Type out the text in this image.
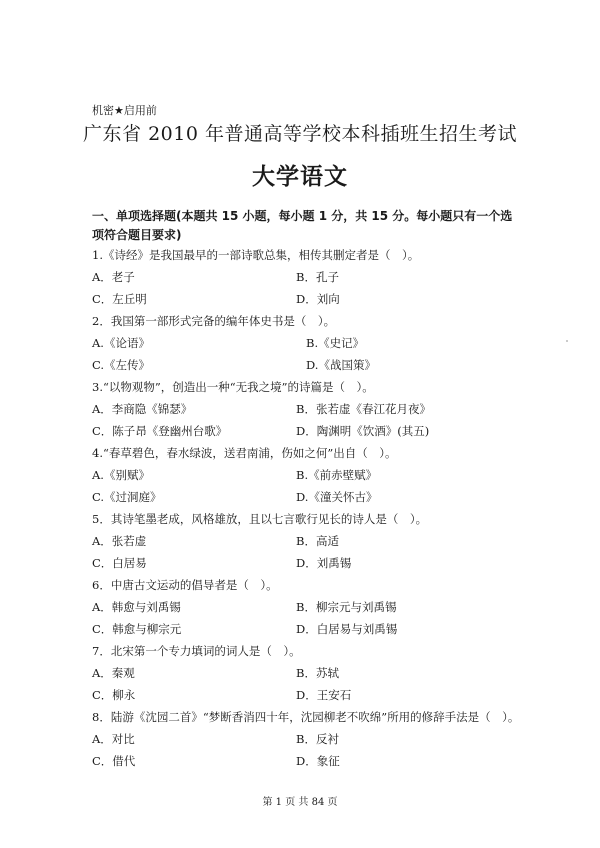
机密★启用前
广东省 2010 年普通高等学校本科插班生招生考试
大学语文
一、单项选择题(本题共 15 小题，每小题 1 分，共 15 分。每小题只有一个选项符合题目要求)
1.《诗经》是我国最早的一部诗歌总集，相传其删定者是（　）。
A．老子	B．孔子
C．左丘明	D．刘向
2．我国第一部形式完备的编年体史书是（　）。
A.《论语》	B.《史记》
C.《左传》	D.《战国策》
3.“以物观物”，创造出一种“无我之境”的诗篇是（　）。
A．李商隐《锦瑟》	B．张若虚《春江花月夜》
C．陈子昂《登幽州台歌》	D．陶渊明《饮酒》(其五)
4.“春草碧色，春水绿波，送君南浦，伤如之何”出自（　）。
A.《别赋》	B.《前赤壁赋》
C.《过洞庭》	D.《潼关怀古》
5．其诗笔墨老成，风格雄放，且以七言歌行见长的诗人是（　）。
A．张若虚	B．高适
C．白居易	D．刘禹锡
6．中唐古文运动的倡导者是（　）。
A．韩愈与刘禹锡	B．柳宗元与刘禹锡
C．韩愈与柳宗元	D．白居易与刘禹锡
7．北宋第一个专力填词的词人是（　）。
A．秦观	B．苏轼
C．柳永	D．王安石
8．陆游《沈园二首》“梦断香消四十年，沈园柳老不吹绵”所用的修辞手法是（　）。
A．对比	B．反衬
C．借代	D．象征
第 1 页 共 84 页
